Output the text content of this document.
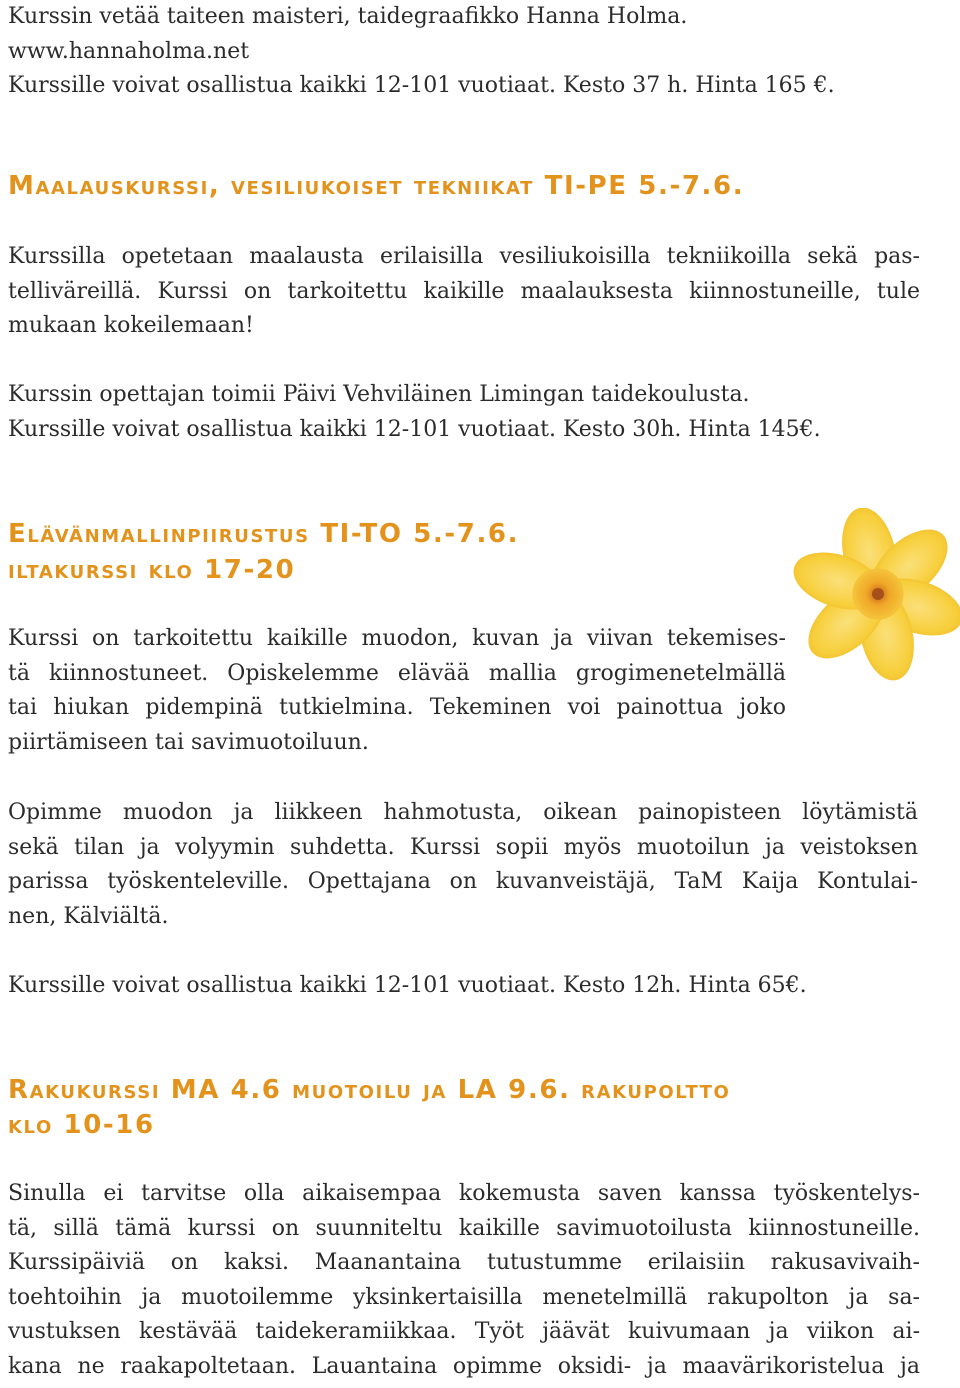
Kurssin vetää taiteen maisteri, taidegraafikko Hanna Holma.

www.hannaholma.net

Kurssille voivat osallistua kaikki 12-101 vuotiaat. Kesto 37 h. Hinta 165 €.

Maalauskurssi, vesiliukoiset tekniikat TI-PE 5.-7.6.

Kurssilla opetetaan maalausta erilaisilla vesiliukoisilla tekniikoilla sekä pas-

telliväreillä. Kurssi on tarkoitettu kaikille maalauksesta kiinnostuneille, tule

mukaan kokeilemaan!

Kurssin opettajan toimii Päivi Vehviläinen Limingan taidekoulusta.

Kurssille voivat osallistua kaikki 12-101 vuotiaat. Kesto 30h. Hinta 145€.

Elävänmallinpiirustus TI-TO 5.-7.6.
iltakurssi klo 17-20

Kurssi on tarkoitettu kaikille muodon, kuvan ja viivan tekemises-

tä kiinnostuneet. Opiskelemme elävää mallia grogimenetelmällä

tai hiukan pidempinä tutkielmina. Tekeminen voi painottua joko

piirtämiseen tai savimuotoiluun.

Opimme muodon ja liikkeen hahmotusta, oikean painopisteen löytämistä

sekä tilan ja volyymin suhdetta. Kurssi sopii myös muotoilun ja veistoksen

parissa työskenteleville. Opettajana on kuvanveistäjä, TaM Kaija Kontulai-

nen, Kälviältä.

Kurssille voivat osallistua kaikki 12-101 vuotiaat. Kesto 12h. Hinta 65€.

Rakukurssi MA 4.6 muotoilu ja LA 9.6. rakupoltto
klo 10-16

Sinulla ei tarvitse olla aikaisempaa kokemusta saven kanssa työskentelys-

tä, sillä tämä kurssi on suunniteltu kaikille savimuotoilusta kiinnostuneille.

Kurssipäiviä on kaksi. Maanantaina tutustumme erilaisiin rakusavivaih-

toehtoihin ja muotoilemme yksinkertaisilla menetelmillä rakupolton ja sa-

vustuksen kestävää taidekeramiikkaa. Työt jäävät kuivumaan ja viikon ai-

kana ne raakapoltetaan. Lauantaina opimme oksidi- ja maavärikoristelua ja
